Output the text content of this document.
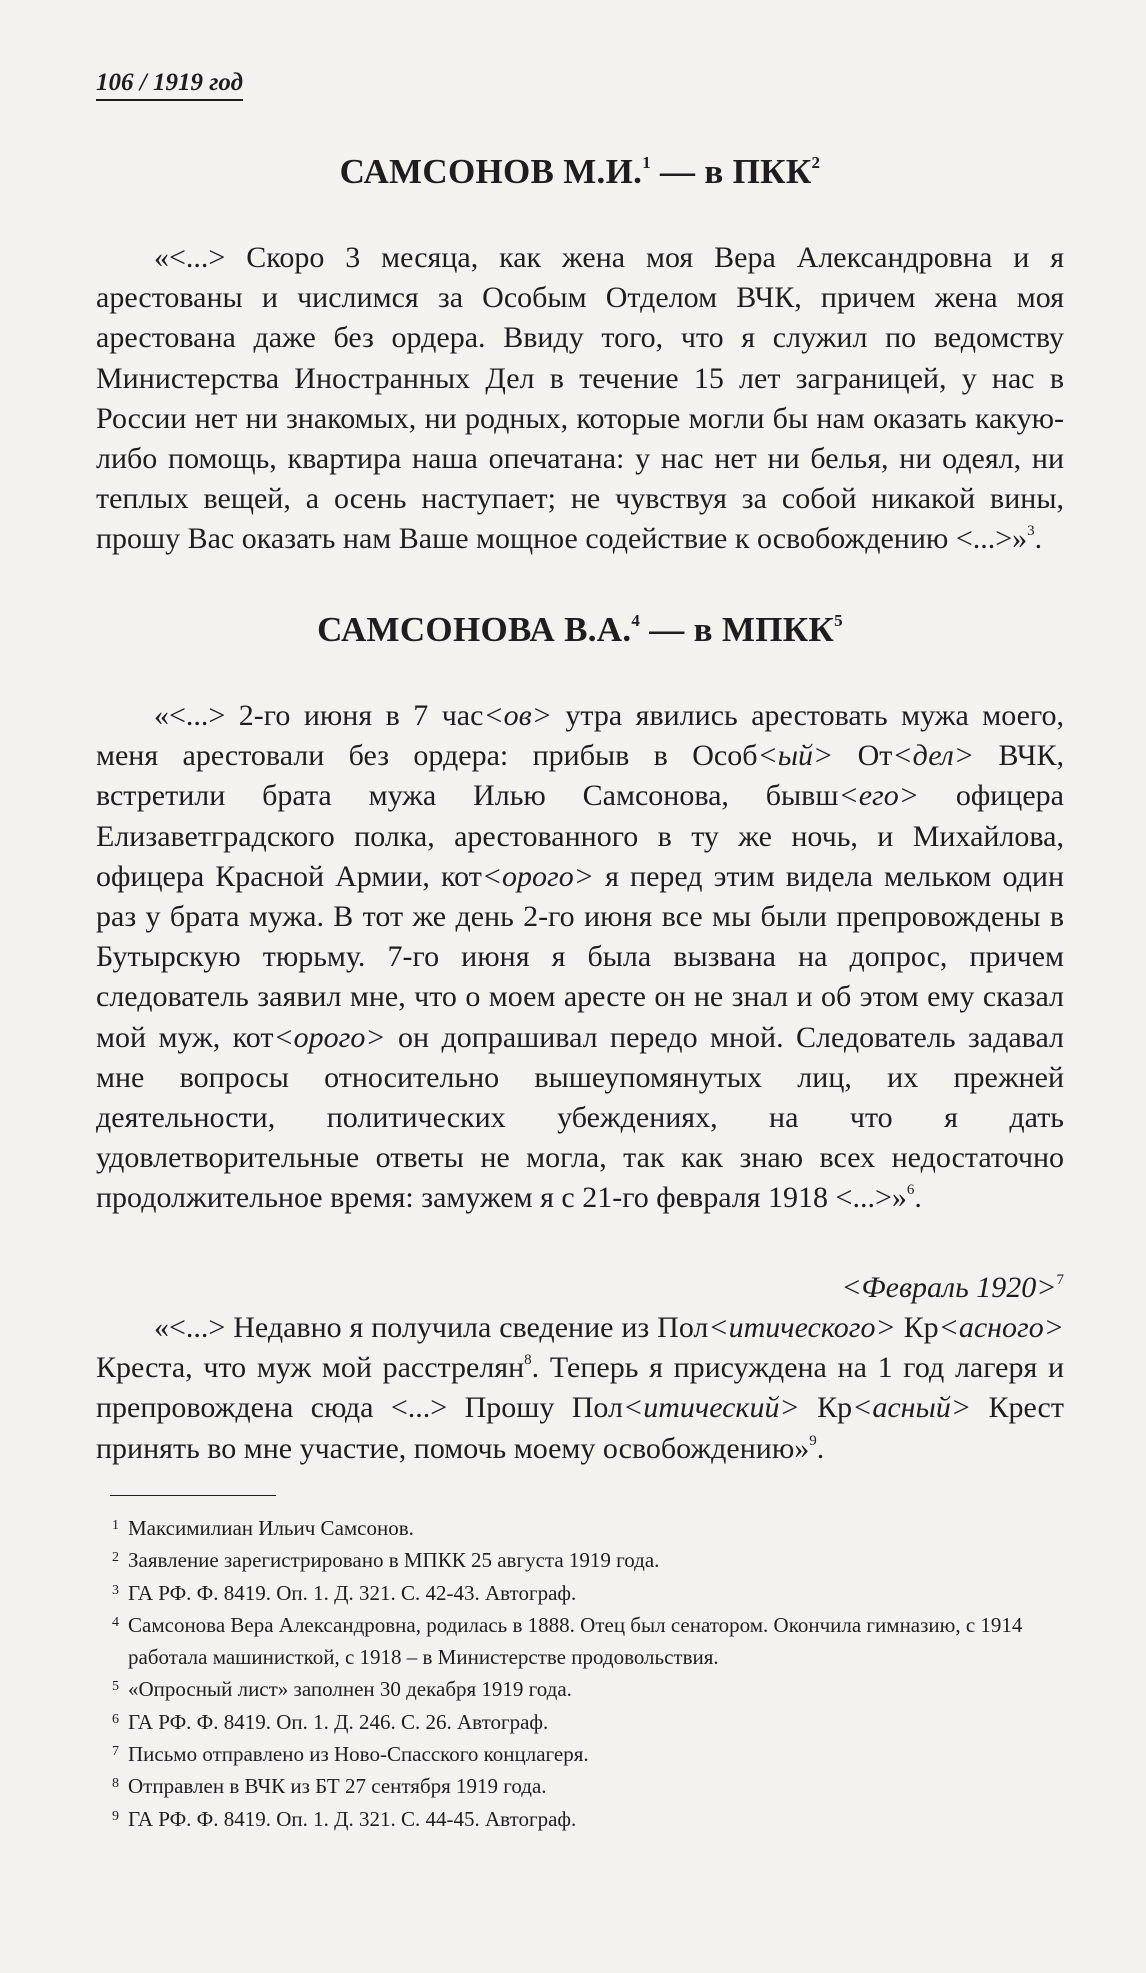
106 / 1919 год
САМСОНОВ М.И.$^1$ — в ПКК$^2$
«<...> Скоро 3 месяца, как жена моя Вера Александровна и я арестованы и числимся за Особым Отделом ВЧК, причем жена моя арестована даже без ордера. Ввиду того, что я служил по ведомству Министерства Иностранных Дел в течение 15 лет заграницей, у нас в России нет ни знакомых, ни родных, которые могли бы нам оказать какую-либо помощь, квартира наша опечатана: у нас нет ни белья, ни одеял, ни теплых вещей, а осень наступает; не чувствуя за собой никакой вины, прошу Вас оказать нам Ваше мощное содействие к освобождению <...>»$^3$.
САМСОНОВА В.А.$^4$ — в МПКК$^5$
«<...> 2-го июня в 7 час<ов> утра явились арестовать мужа моего, меня арестовали без ордера: прибыв в Особ<ый> От<дел> ВЧК, встретили брата мужа Илью Самсонова, бывш<его> офицера Елизаветградского полка, арестованного в ту же ночь, и Михайлова, офицера Красной Армии, кот<орого> я перед этим видела мельком один раз у брата мужа. В тот же день 2-го июня все мы были препровождены в Бутырскую тюрьму. 7-го июня я была вызвана на допрос, причем следователь заявил мне, что о моем аресте он не знал и об этом ему сказал мой муж, кот<орого> он допрашивал передо мной. Следователь задавал мне вопросы относительно вышеупомянутых лиц, их прежней деятельности, политических убеждениях, на что я дать удовлетворительные ответы не могла, так как знаю всех недостаточно продолжительное время: замужем я с 21-го февраля 1918 <...>»$^6$.
<Февраль 1920>$^7$
«<...> Недавно я получила сведение из Пол<итического> Кр<асного> Креста, что муж мой расстрелян$^8$. Теперь я присуждена на 1 год лагеря и препровождена сюда <...> Прошу Пол<итический> Кр<асный> Крест принять во мне участие, помочь моему освобождению»$^9$.
1 Максимилиан Ильич Самсонов.
2 Заявление зарегистрировано в МПКК 25 августа 1919 года.
3 ГА РФ. Ф. 8419. Оп. 1. Д. 321. С. 42-43. Автограф.
4 Самсонова Вера Александровна, родилась в 1888. Отец был сенатором. Окончила гимназию, с 1914 работала машинисткой, с 1918 – в Министерстве продовольствия.
5 «Опросный лист» заполнен 30 декабря 1919 года.
6 ГА РФ. Ф. 8419. Оп. 1. Д. 246. С. 26. Автограф.
7 Письмо отправлено из Ново-Спасского концлагеря.
8 Отправлен в ВЧК из БТ 27 сентября 1919 года.
9 ГА РФ. Ф. 8419. Оп. 1. Д. 321. С. 44-45. Автограф.
